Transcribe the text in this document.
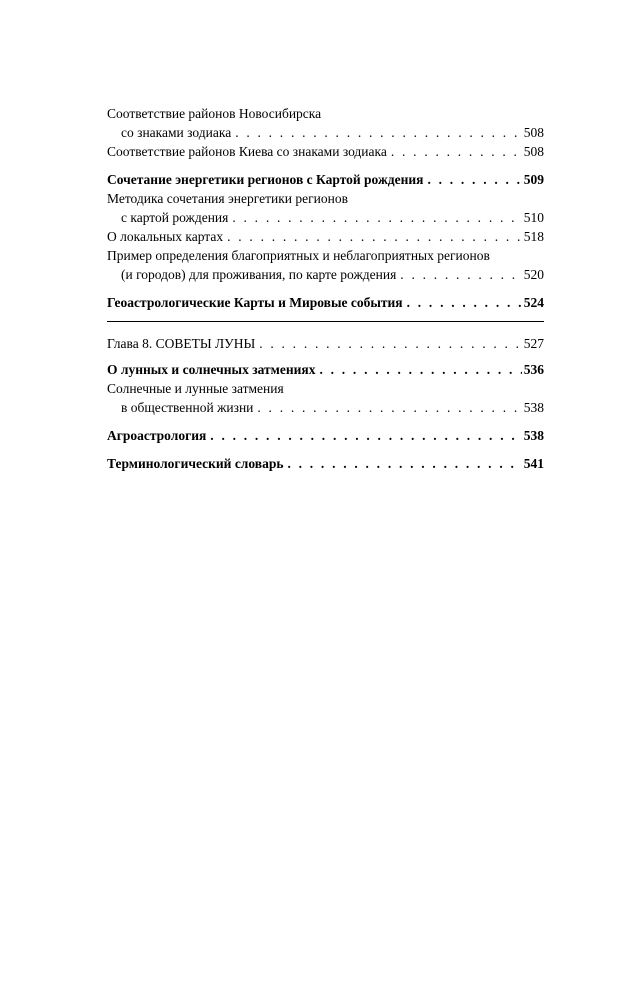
Соответствие районов Новосибирска
со знаками зодиака . . .	508
Соответствие районов Киева со знаками зодиака . . .	508
Сочетание энергетики регионов с Картой рождения . . .	509
Методика сочетания энергетики регионов
с картой рождения . . .	510
О локальных картах . . .	518
Пример определения благоприятных и неблагоприятных регионов
(и городов) для проживания, по карте рождения . . .	520
Геоастрологические Карты и Мировые события . . .	524
Глава 8. СОВЕТЫ ЛУНЫ . . .	527
О лунных и солнечных затмениях . . .	536
Солнечные и лунные затмения
в общественной жизни . . .	538
Агроастрология . . .	538
Терминологический словарь . . .	541
